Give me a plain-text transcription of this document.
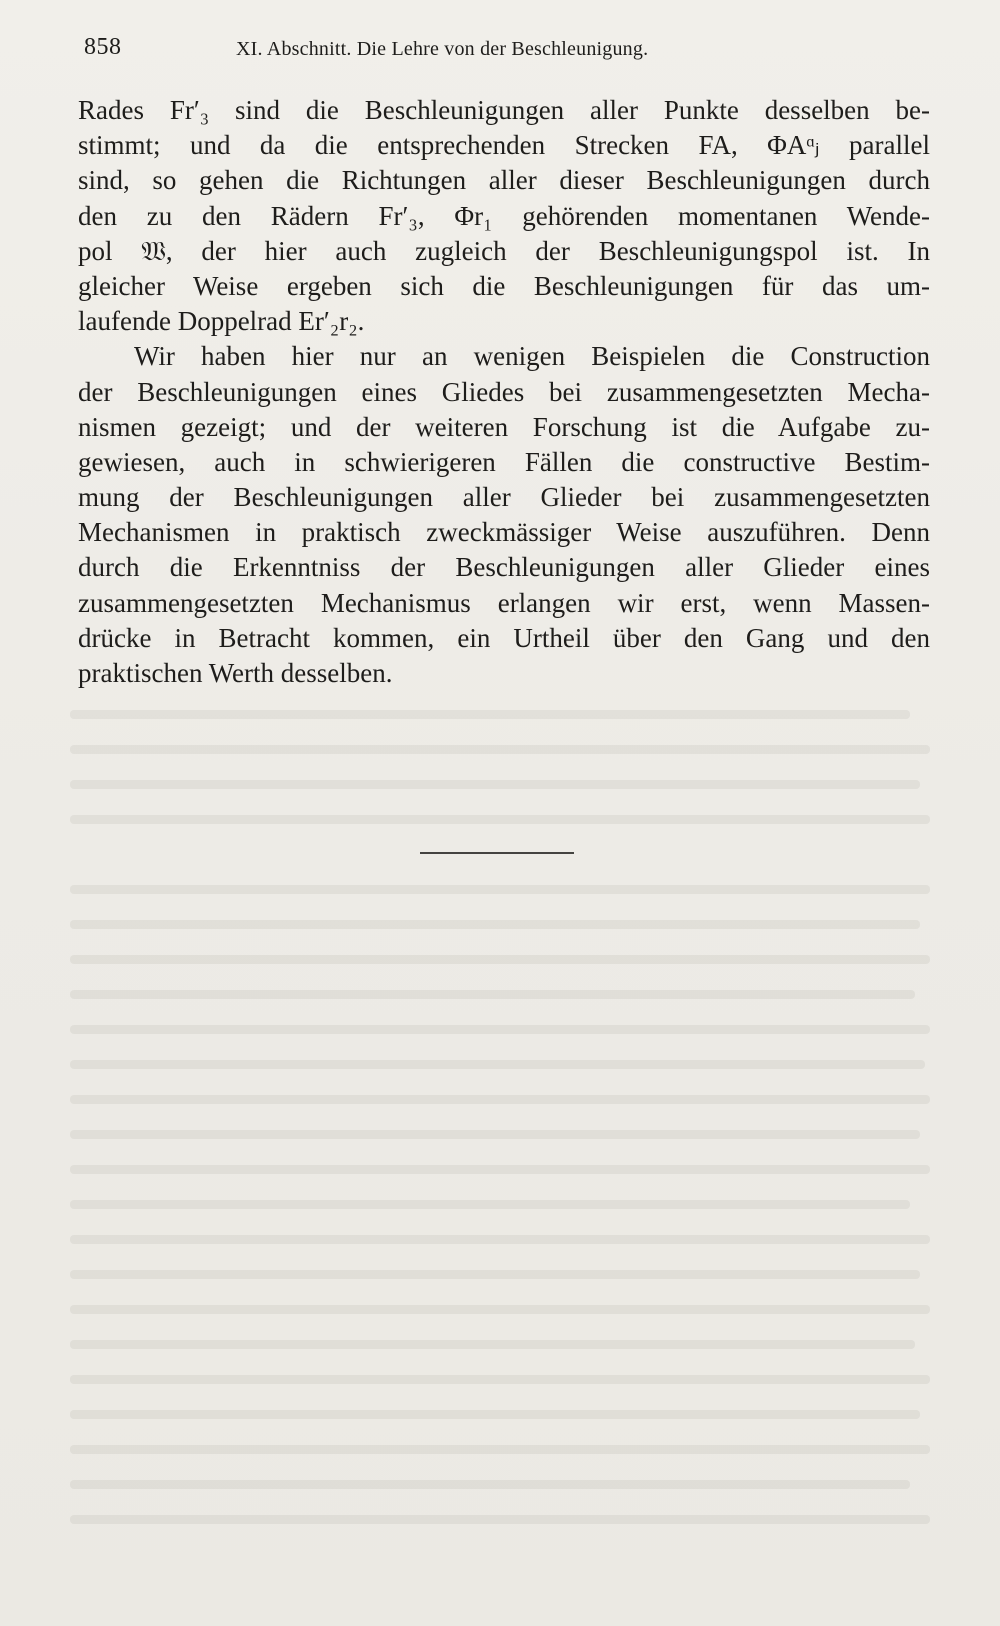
858	XI. Abschnitt. Die Lehre von der Beschleunigung.
Rades Fr′₃ sind die Beschleunigungen aller Punkte desselben be-
stimmt; und da die entsprechenden Strecken FA, ΦAᵅⱼ parallel
sind, so gehen die Richtungen aller dieser Beschleunigungen durch
den zu den Rädern Fr′₃, Φr₁ gehörenden momentanen Wende-
pol 𝔚, der hier auch zugleich der Beschleunigungspol ist. In
gleicher Weise ergeben sich die Beschleunigungen für das um-
laufende Doppelrad Er′₂r₂.
Wir haben hier nur an wenigen Beispielen die Construction
der Beschleunigungen eines Gliedes bei zusammengesetzten Mecha-
nismen gezeigt; und der weiteren Forschung ist die Aufgabe zu-
gewiesen, auch in schwierigeren Fällen die constructive Bestim-
mung der Beschleunigungen aller Glieder bei zusammengesetzten
Mechanismen in praktisch zweckmässiger Weise auszuführen. Denn
durch die Erkenntniss der Beschleunigungen aller Glieder eines
zusammengesetzten Mechanismus erlangen wir erst, wenn Massen-
drücke in Betracht kommen, ein Urtheil über den Gang und den
praktischen Werth desselben.
